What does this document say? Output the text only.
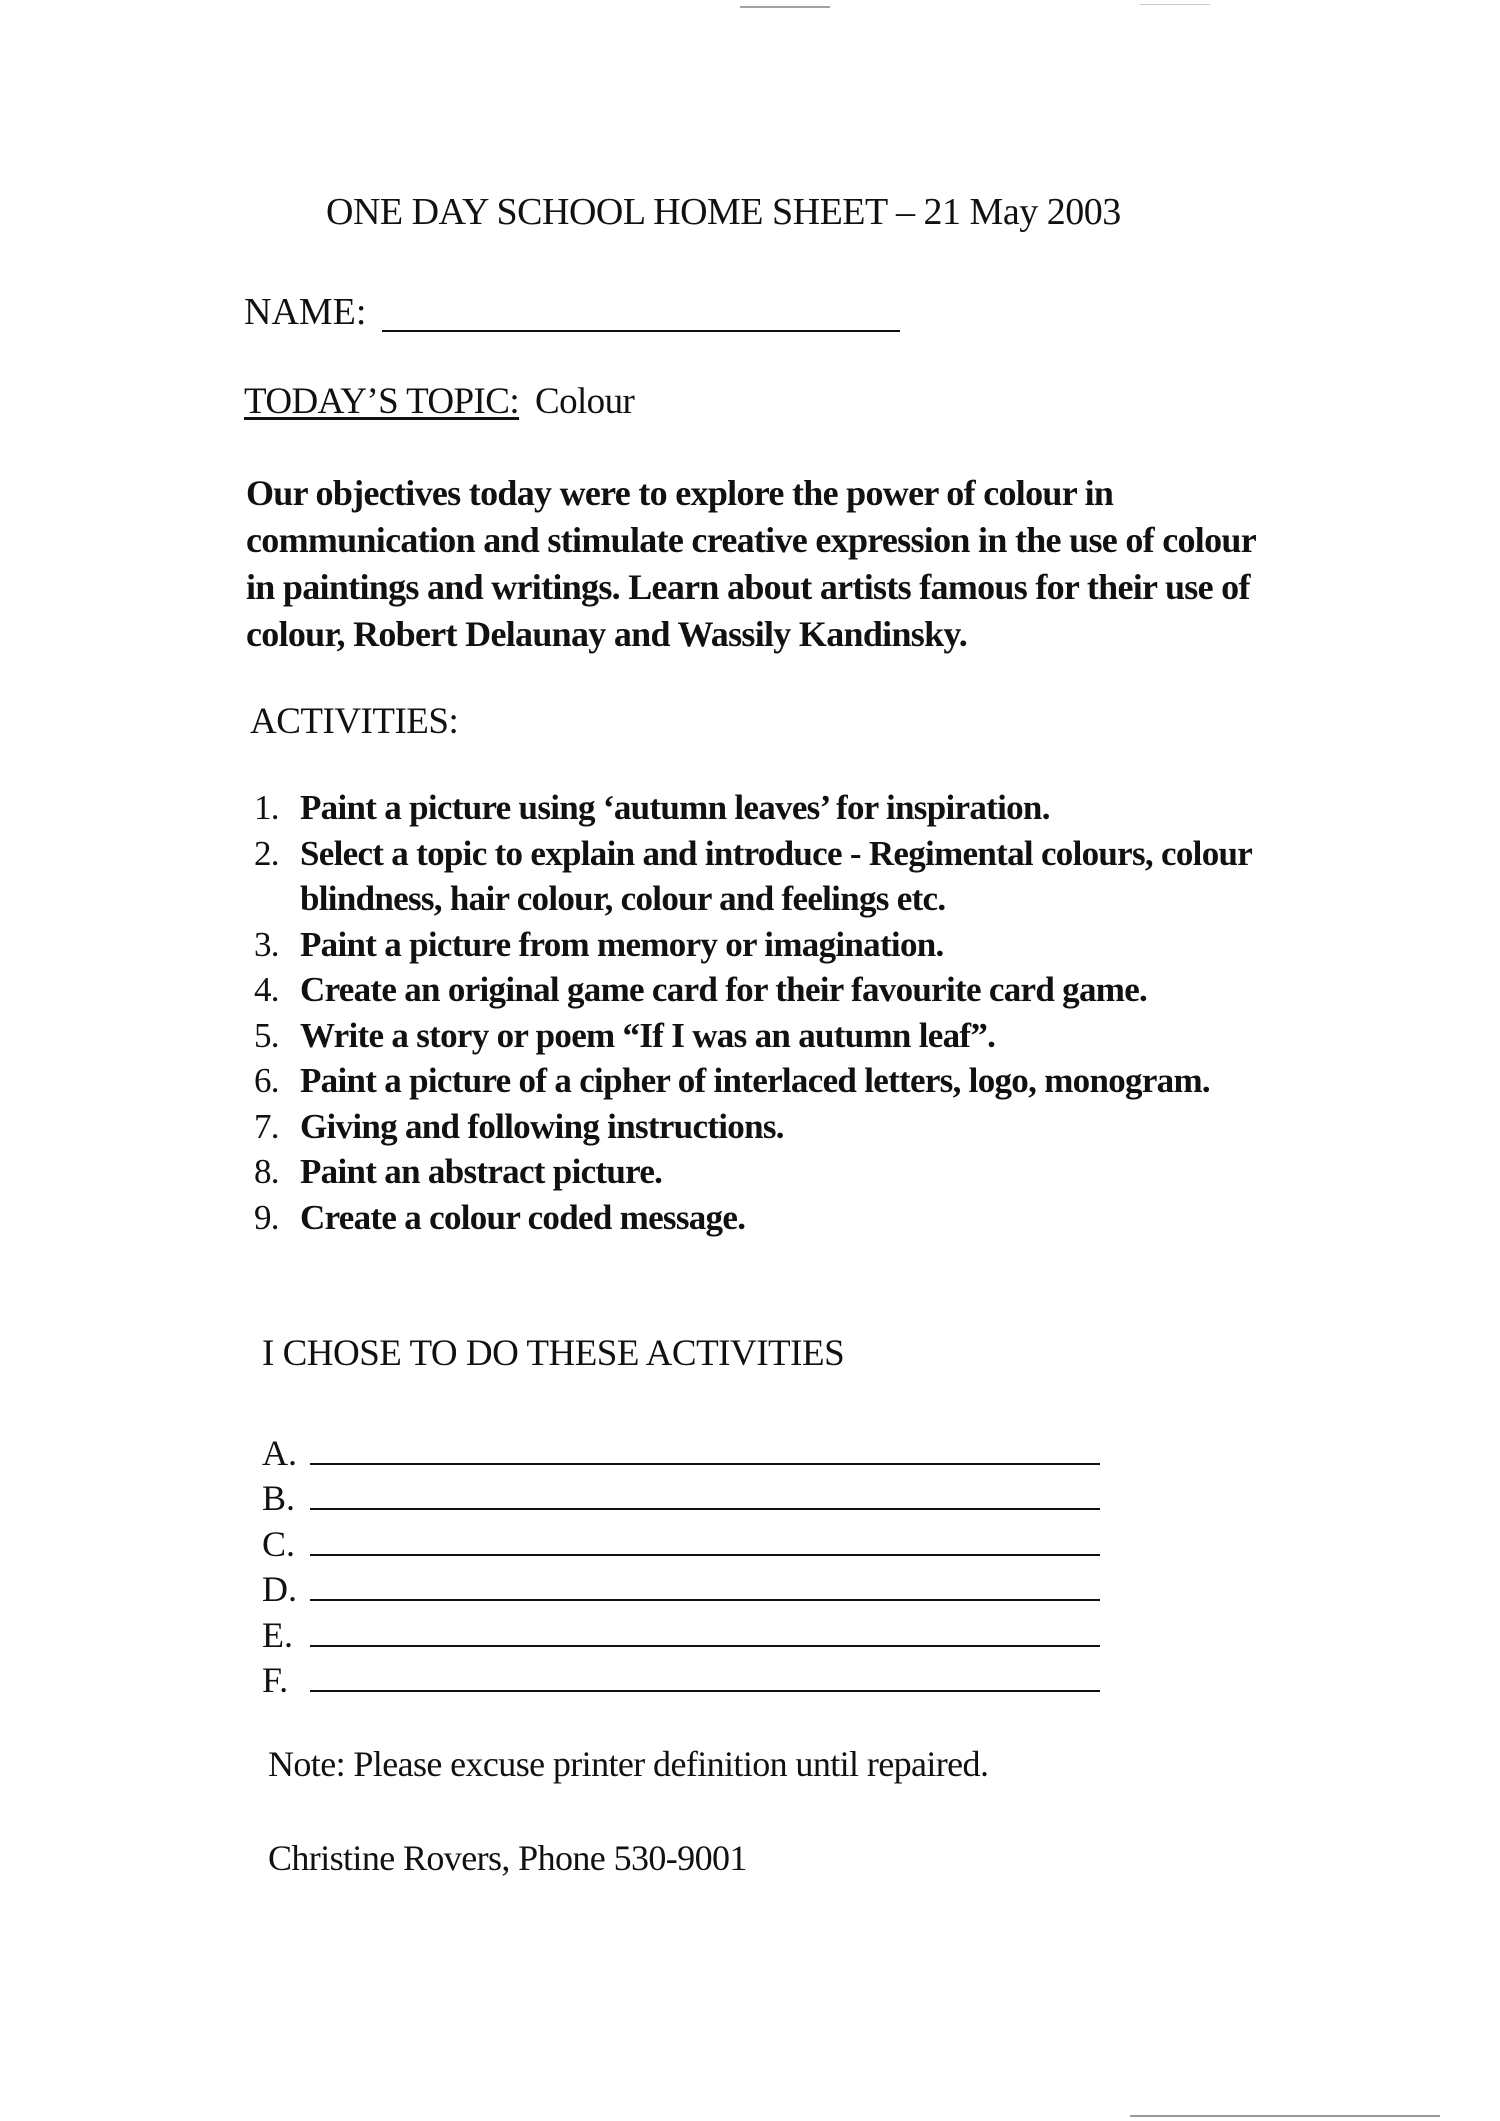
ONE DAY SCHOOL HOME SHEET – 21 May 2003
NAME:
TODAY’S TOPIC: Colour
Our objectives today were to explore the power of colour in communication and stimulate creative expression in the use of colour in paintings and writings. Learn about artists famous for their use of colour, Robert Delaunay and Wassily Kandinsky.
ACTIVITIES:
1. Paint a picture using ‘autumn leaves’ for inspiration.
2. Select a topic to explain and introduce - Regimental colours, colour blindness, hair colour, colour and feelings etc.
3. Paint a picture from memory or imagination.
4. Create an original game card for their favourite card game.
5. Write a story or poem “If I was an autumn leaf”.
6. Paint a picture of a cipher of interlaced letters, logo, monogram.
7. Giving and following instructions.
8. Paint an abstract picture.
9. Create a colour coded message.
I CHOSE TO DO THESE ACTIVITIES
A.
B.
C.
D.
E.
F.
Note: Please excuse printer definition until repaired.
Christine Rovers, Phone 530-9001
